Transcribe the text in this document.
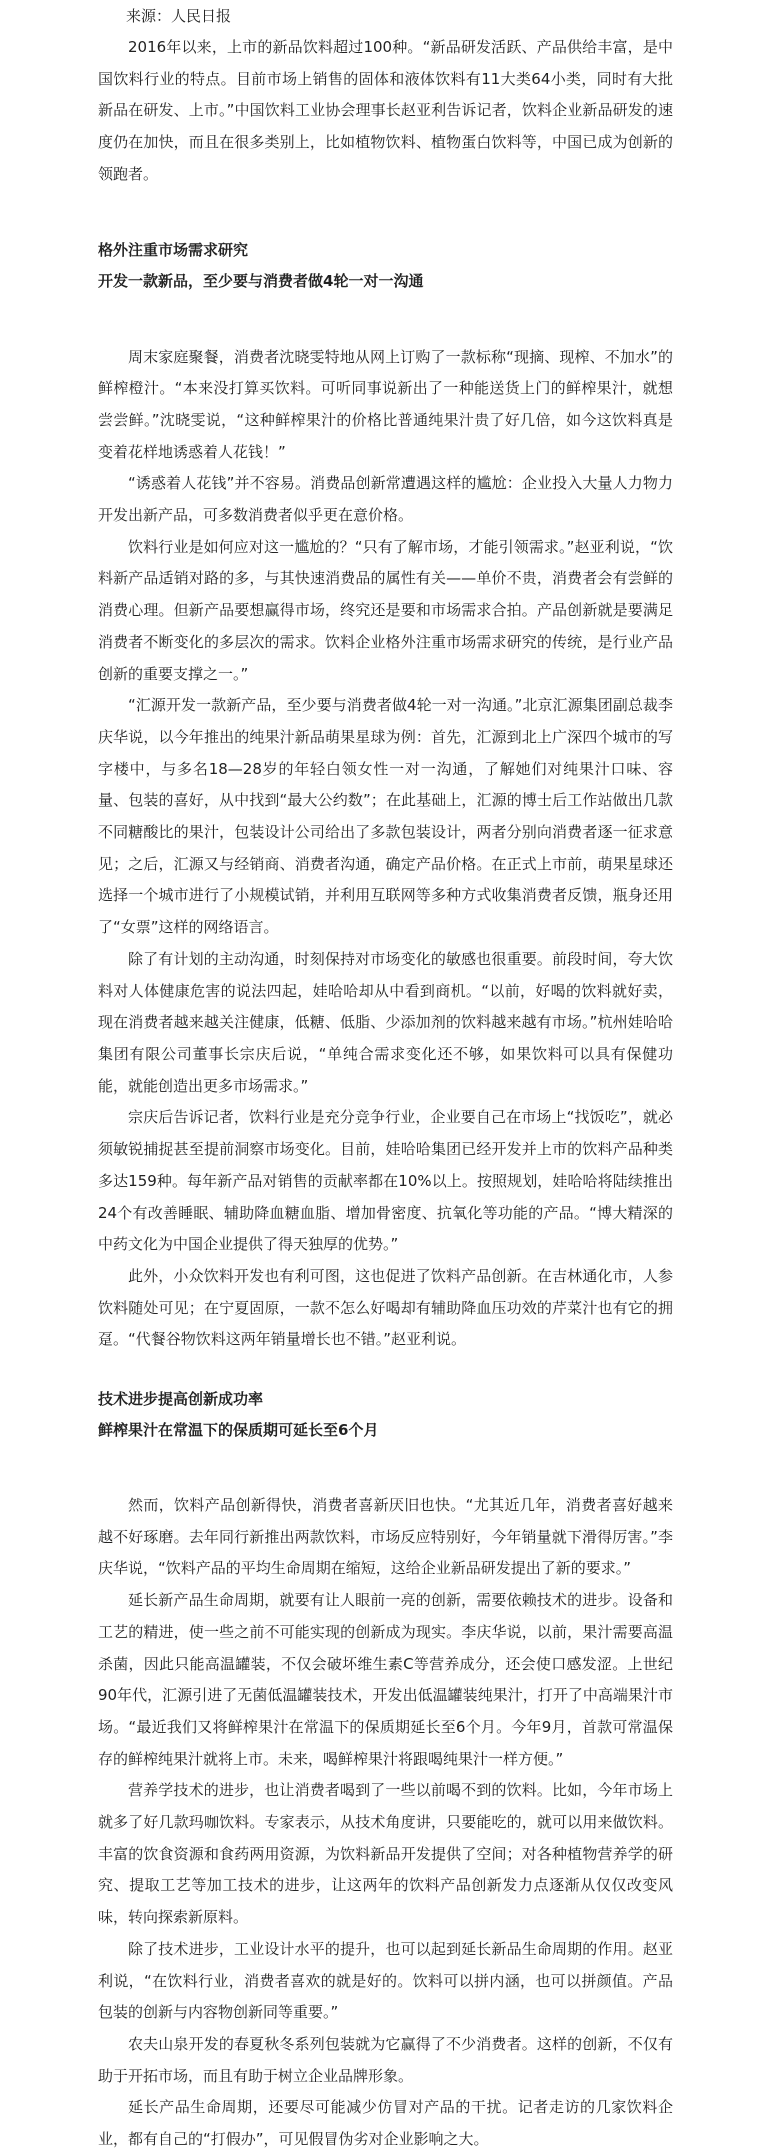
来源：人民日报

2016年以来，上市的新品饮料超过100种。“新品研发活跃、产品供给丰富，是中国饮料行业的特点。目前市场上销售的固体和液体饮料有11大类64小类，同时有大批新品在研发、上市。”中国饮料工业协会理事长赵亚利告诉记者，饮料企业新品研发的速度仍在加快，而且在很多类别上，比如植物饮料、植物蛋白饮料等，中国已成为创新的领跑者。

格外注重市场需求研究
开发一款新品，至少要与消费者做4轮一对一沟通

周末家庭聚餐，消费者沈晓雯特地从网上订购了一款标称“现摘、现榨、不加水”的鲜榨橙汁。“本来没打算买饮料。可听同事说新出了一种能送货上门的鲜榨果汁，就想尝尝鲜。”沈晓雯说，“这种鲜榨果汁的价格比普通纯果汁贵了好几倍，如今这饮料真是变着花样地诱惑着人花钱！”

“诱惑着人花钱”并不容易。消费品创新常遭遇这样的尴尬：企业投入大量人力物力开发出新产品，可多数消费者似乎更在意价格。

饮料行业是如何应对这一尴尬的？“只有了解市场，才能引领需求。”赵亚利说，“饮料新产品适销对路的多，与其快速消费品的属性有关——单价不贵，消费者会有尝鲜的消费心理。但新产品要想赢得市场，终究还是要和市场需求合拍。产品创新就是要满足消费者不断变化的多层次的需求。饮料企业格外注重市场需求研究的传统，是行业产品创新的重要支撑之一。”

“汇源开发一款新产品，至少要与消费者做4轮一对一沟通。”北京汇源集团副总裁李庆华说，以今年推出的纯果汁新品萌果星球为例：首先，汇源到北上广深四个城市的写字楼中，与多名18—28岁的年轻白领女性一对一沟通，了解她们对纯果汁口味、容量、包装的喜好，从中找到“最大公约数”；在此基础上，汇源的博士后工作站做出几款不同糖酸比的果汁，包装设计公司给出了多款包装设计，两者分别向消费者逐一征求意见；之后，汇源又与经销商、消费者沟通，确定产品价格。在正式上市前，萌果星球还选择一个城市进行了小规模试销，并利用互联网等多种方式收集消费者反馈，瓶身还用了“女票”这样的网络语言。

除了有计划的主动沟通，时刻保持对市场变化的敏感也很重要。前段时间，夸大饮料对人体健康危害的说法四起，娃哈哈却从中看到商机。“以前，好喝的饮料就好卖，现在消费者越来越关注健康，低糖、低脂、少添加剂的饮料越来越有市场。”杭州娃哈哈集团有限公司董事长宗庆后说，“单纯合需求变化还不够，如果饮料可以具有保健功能，就能创造出更多市场需求。”

宗庆后告诉记者，饮料行业是充分竞争行业，企业要自己在市场上“找饭吃”，就必须敏锐捕捉甚至提前洞察市场变化。目前，娃哈哈集团已经开发并上市的饮料产品种类多达159种。每年新产品对销售的贡献率都在10%以上。按照规划，娃哈哈将陆续推出24个有改善睡眠、辅助降血糖血脂、增加骨密度、抗氧化等功能的产品。“博大精深的中药文化为中国企业提供了得天独厚的优势。”

此外，小众饮料开发也有利可图，这也促进了饮料产品创新。在吉林通化市，人参饮料随处可见；在宁夏固原，一款不怎么好喝却有辅助降血压功效的芹菜汁也有它的拥趸。“代餐谷物饮料这两年销量增长也不错。”赵亚利说。

技术进步提高创新成功率
鲜榨果汁在常温下的保质期可延长至6个月

然而，饮料产品创新得快，消费者喜新厌旧也快。“尤其近几年，消费者喜好越来越不好琢磨。去年同行新推出两款饮料，市场反应特别好，今年销量就下滑得厉害。”李庆华说，“饮料产品的平均生命周期在缩短，这给企业新品研发提出了新的要求。”

延长新产品生命周期，就要有让人眼前一亮的创新，需要依赖技术的进步。设备和工艺的精进，使一些之前不可能实现的创新成为现实。李庆华说，以前，果汁需要高温杀菌，因此只能高温罐装，不仅会破坏维生素C等营养成分，还会使口感发涩。上世纪90年代，汇源引进了无菌低温罐装技术，开发出低温罐装纯果汁，打开了中高端果汁市场。“最近我们又将鲜榨果汁在常温下的保质期延长至6个月。今年9月，首款可常温保存的鲜榨纯果汁就将上市。未来，喝鲜榨果汁将跟喝纯果汁一样方便。”

营养学技术的进步，也让消费者喝到了一些以前喝不到的饮料。比如，今年市场上就多了好几款玛咖饮料。专家表示，从技术角度讲，只要能吃的，就可以用来做饮料。丰富的饮食资源和食药两用资源，为饮料新品开发提供了空间；对各种植物营养学的研究、提取工艺等加工技术的进步，让这两年的饮料产品创新发力点逐渐从仅仅改变风味，转向探索新原料。

除了技术进步，工业设计水平的提升，也可以起到延长新品生命周期的作用。赵亚利说，“在饮料行业，消费者喜欢的就是好的。饮料可以拼内涵，也可以拼颜值。产品包装的创新与内容物创新同等重要。”

农夫山泉开发的春夏秋冬系列包装就为它赢得了不少消费者。这样的创新，不仅有助于开拓市场，而且有助于树立企业品牌形象。

延长产品生命周期，还要尽可能减少仿冒对产品的干扰。记者走访的几家饮料企业，都有自己的“打假办”，可见假冒伪劣对企业影响之大。
